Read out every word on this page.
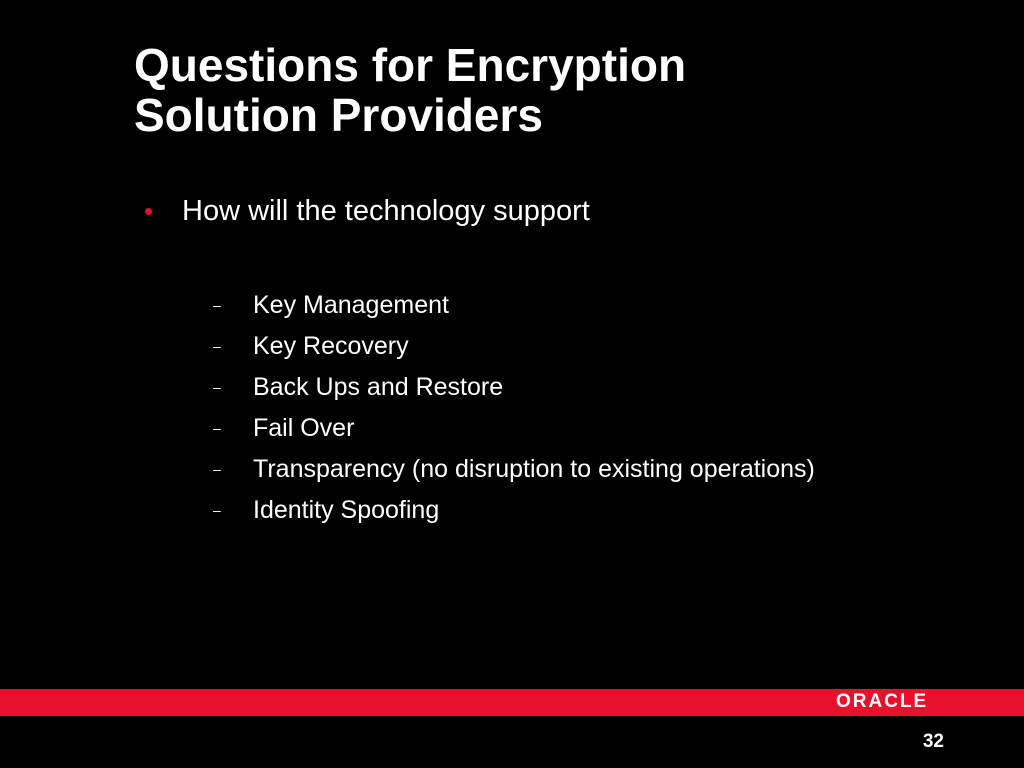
Questions for Encryption
Solution Providers
• How will the technology support
–	Key Management
–	Key Recovery
–	Back Ups and Restore
–	Fail Over
–	Transparency (no disruption to existing operations)
–	Identity Spoofing
ORACLE
32
